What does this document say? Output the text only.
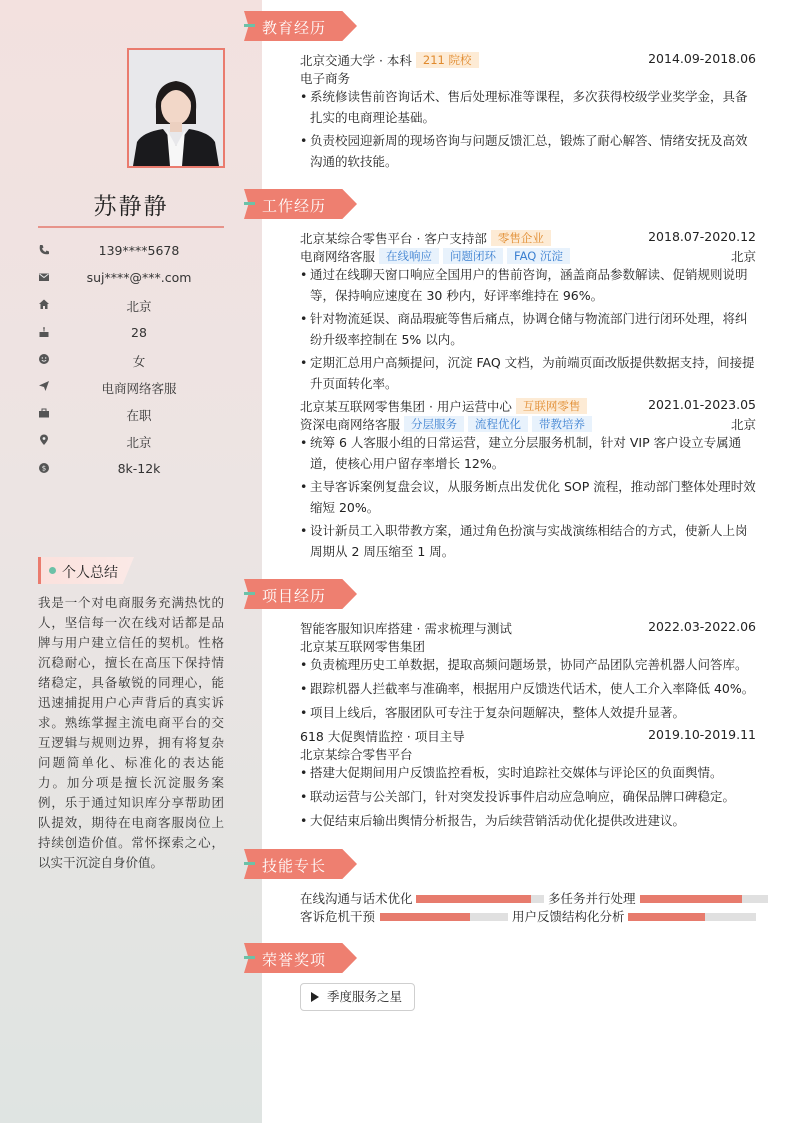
苏静静
139****5678
suj****@***.com
北京
28
女
电商网络客服
在职
北京
$	8k-12k
个人总结
我是一个对电商服务充满热忱的人，坚信每一次在线对话都是品牌与用户建立信任的契机。性格沉稳耐心，擅长在高压下保持情绪稳定，具备敏锐的同理心，能迅速捕捉用户心声背后的真实诉求。熟练掌握主流电商平台的交互逻辑与规则边界，拥有将复杂问题简单化、标准化的表达能力。加分项是擅长沉淀服务案例，乐于通过知识库分享帮助团队提效，期待在电商客服岗位上持续创造价值。常怀探索之心，以实干沉淀自身价值。
教育经历
工作经历
项目经历
技能专长
荣誉奖项
北京交通大学 · 本科 211 院校	2014.09-2018.06
电子商务
• 系统修读售前咨询话术、售后处理标准等课程，多次获得校级学业奖学金，具备扎实的电商理论基础。
• 负责校园迎新周的现场咨询与问题反馈汇总，锻炼了耐心解答、情绪安抚及高效沟通的软技能。
北京某综合零售平台 · 客户支持部 零售企业	2018.07-2020.12
电商网络客服 在线响应 问题闭环 FAQ 沉淀	北京
• 通过在线聊天窗口响应全国用户的售前咨询，涵盖商品参数解读、促销规则说明等，保持响应速度在 30 秒内，好评率维持在 96%。
• 针对物流延误、商品瑕疵等售后痛点，协调仓储与物流部门进行闭环处理，将纠纷升级率控制在 5% 以内。
• 定期汇总用户高频提问，沉淀 FAQ 文档，为前端页面改版提供数据支持，间接提升页面转化率。
北京某互联网零售集团 · 用户运营中心 互联网零售	2021.01-2023.05
资深电商网络客服 分层服务 流程优化 带教培养	北京
• 统筹 6 人客服小组的日常运营，建立分层服务机制，针对 VIP 客户设立专属通道，使核心用户留存率增长 12%。
• 主导客诉案例复盘会议，从服务断点出发优化 SOP 流程，推动部门整体处理时效缩短 20%。
• 设计新员工入职带教方案，通过角色扮演与实战演练相结合的方式，使新人上岗周期从 2 周压缩至 1 周。
智能客服知识库搭建 · 需求梳理与测试	2022.03-2022.06
北京某互联网零售集团
• 负责梳理历史工单数据，提取高频问题场景，协同产品团队完善机器人问答库。
• 跟踪机器人拦截率与准确率，根据用户反馈迭代话术，使人工介入率降低 40%。
• 项目上线后，客服团队可专注于复杂问题解决，整体人效提升显著。
618 大促舆情监控 · 项目主导	2019.10-2019.11
北京某综合零售平台
• 搭建大促期间用户反馈监控看板，实时追踪社交媒体与评论区的负面舆情。
• 联动运营与公关部门，针对突发投诉事件启动应急响应，确保品牌口碑稳定。
• 大促结束后输出舆情分析报告，为后续营销活动优化提供改进建议。
在线沟通与话术优化	多任务并行处理
客诉危机干预	用户反馈结构化分析
季度服务之星
